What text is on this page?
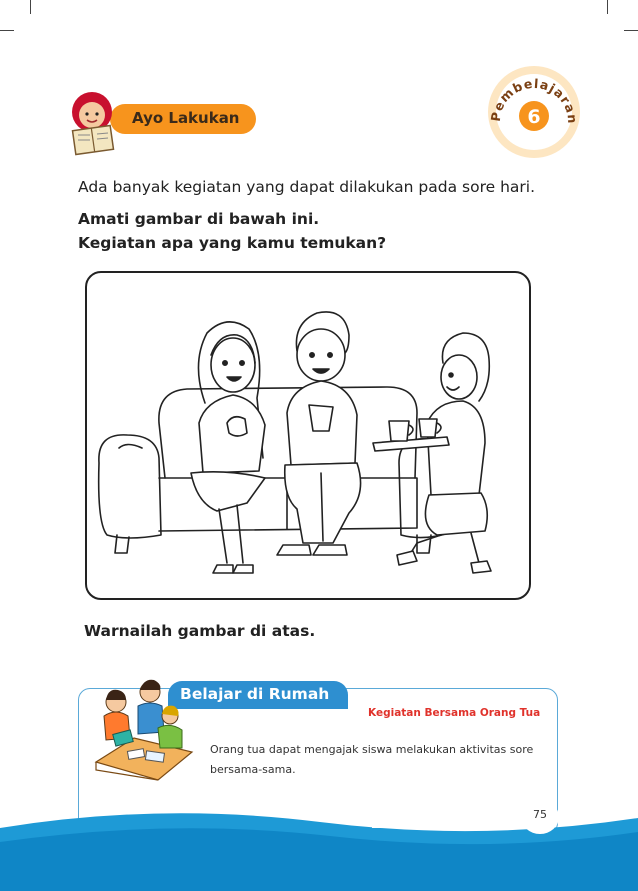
Ayo Lakukan	Pembelajaran
6
Ada banyak kegiatan yang dapat dilakukan pada sore hari.
Amati gambar di bawah ini.
Kegiatan apa yang kamu temukan?
Warnailah gambar di atas.
Belajar di Rumah
Kegiatan Bersama Orang Tua
Orang tua dapat mengajak siswa melakukan aktivitas sore bersama-sama.
Subtema 3: Kegiatan Sore Hari	75
